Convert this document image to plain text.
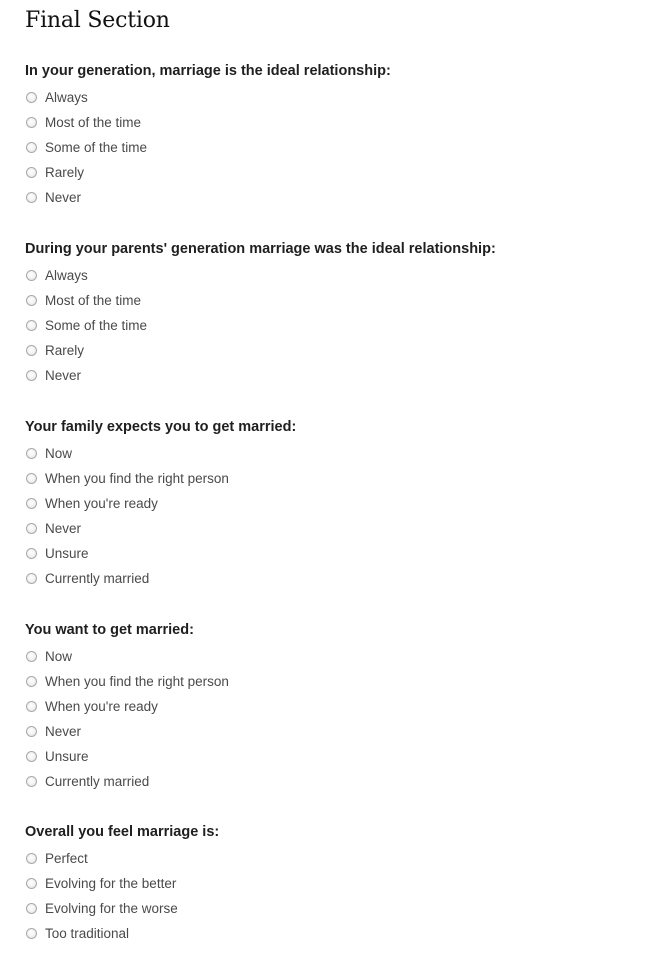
Final Section
In your generation, marriage is the ideal relationship:
Always
Most of the time
Some of the time
Rarely
Never
During your parents' generation marriage was the ideal relationship:
Always
Most of the time
Some of the time
Rarely
Never
Your family expects you to get married:
Now
When you find the right person
When you're ready
Never
Unsure
Currently married
You want to get married:
Now
When you find the right person
When you're ready
Never
Unsure
Currently married
Overall you feel marriage is:
Perfect
Evolving for the better
Evolving for the worse
Too traditional
